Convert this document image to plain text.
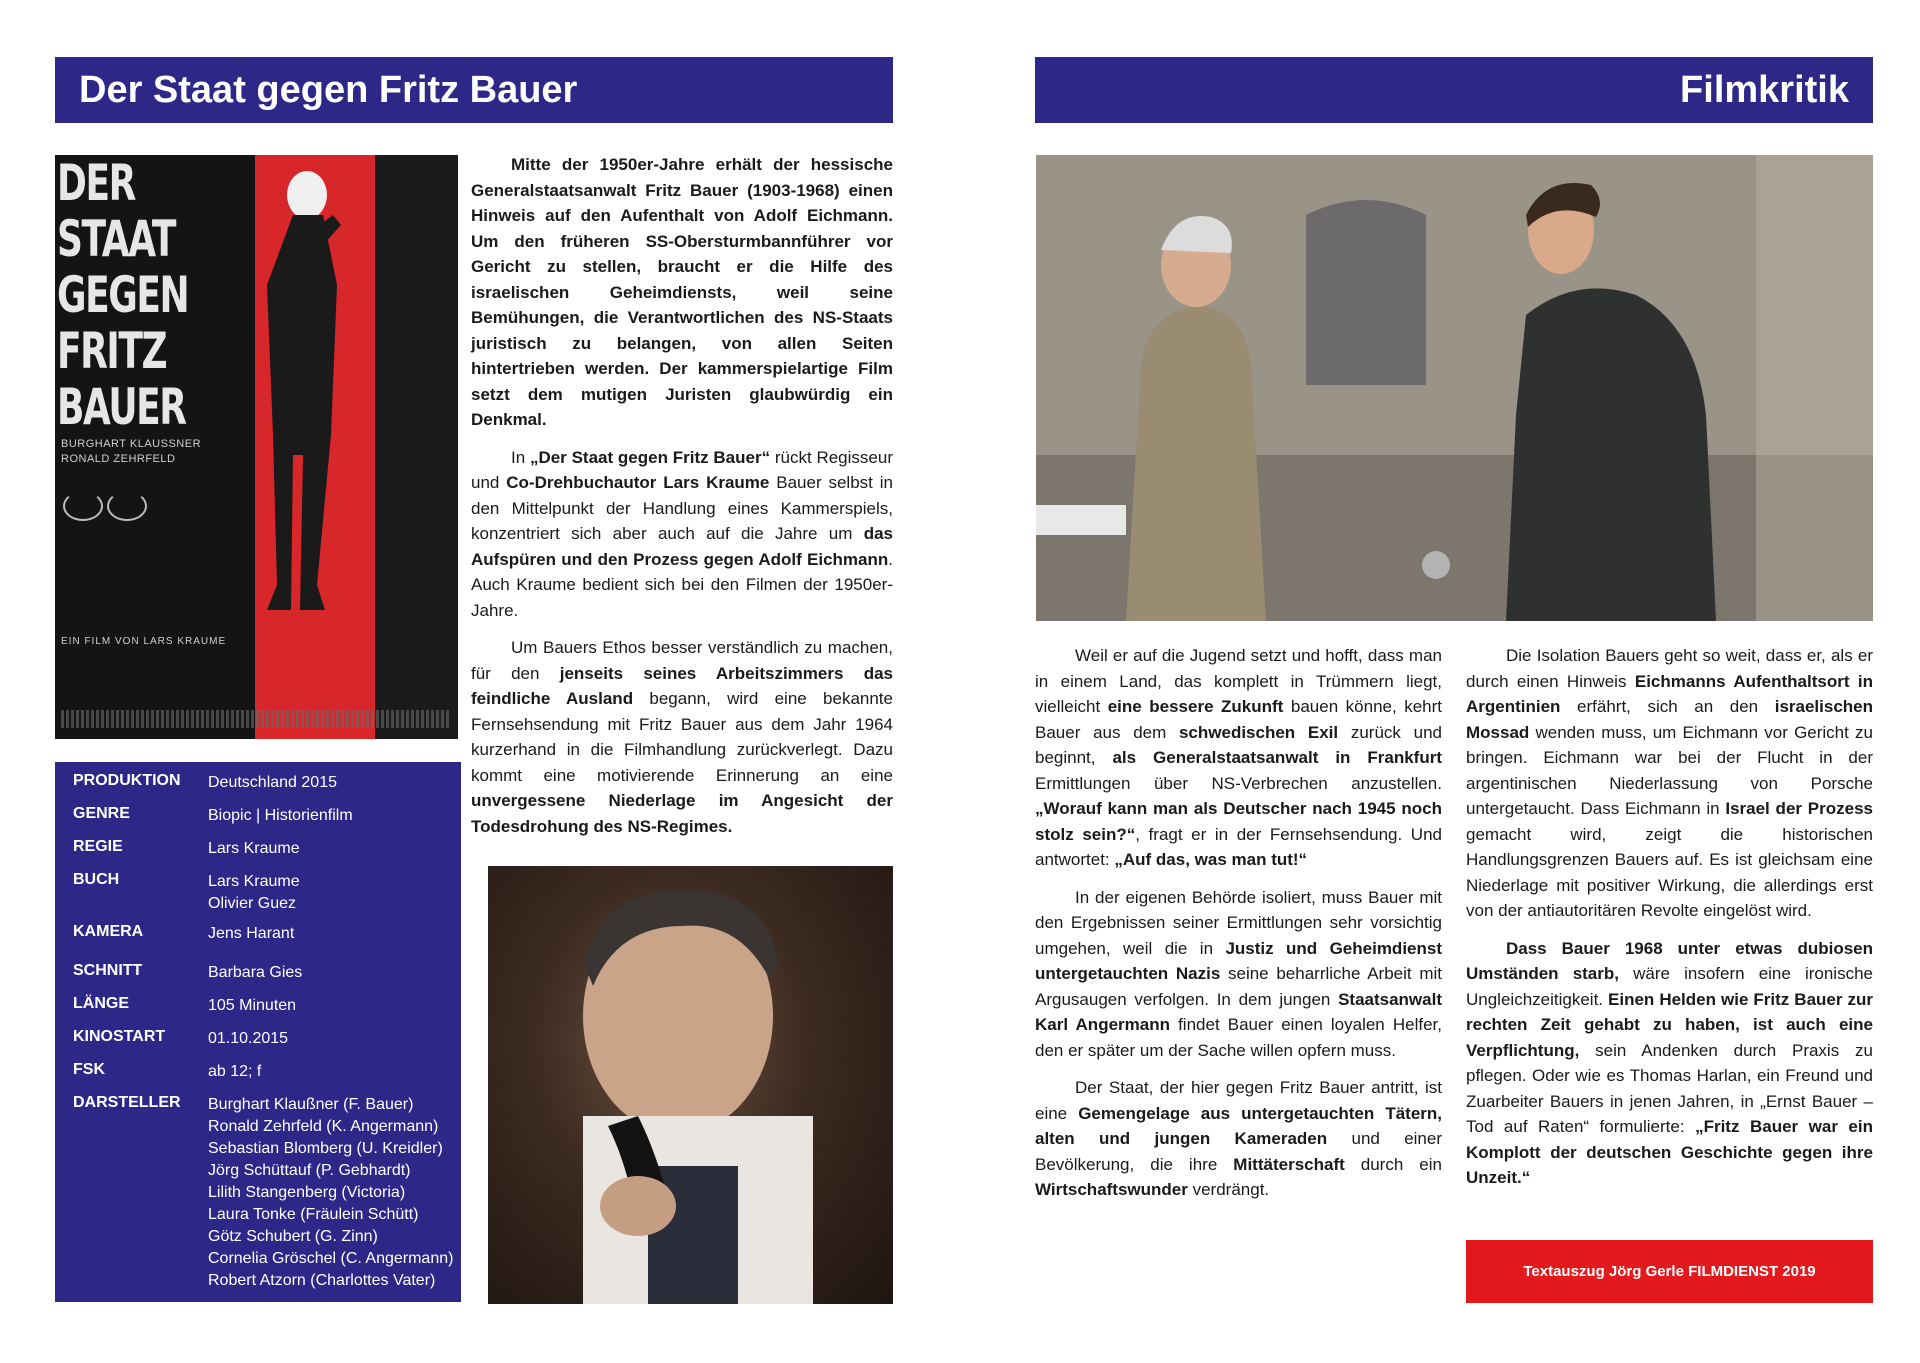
Der Staat gegen Fritz Bauer	Filmkritik
DER
STAAT
GEGEN
FRITZ
BAUER
BURGHART KLAUSSNER
RONALD ZEHRFELD
EIN FILM VON LARS KRAUME
PRODUKTION	Deutschland 2015
GENRE	Biopic | Historienfilm
REGIE	Lars Kraume
BUCH	Lars Kraume
Olivier Guez
KAMERA	Jens Harant
SCHNITT	Barbara Gies
LÄNGE	105 Minuten
KINOSTART	01.10.2015
FSK	ab 12; f
DARSTELLER	Burghart Klaußner (F. Bauer)
Ronald Zehrfeld (K. Angermann)
Sebastian Blomberg (U. Kreidler)
Jörg Schüttauf (P. Gebhardt)
Lilith Stangenberg (Victoria)
Laura Tonke (Fräulein Schütt)
Götz Schubert (G. Zinn)
Cornelia Gröschel (C. Angermann)
Robert Atzorn (Charlottes Vater)

Mitte der 1950er-Jahre erhält der hessische Generalstaatsanwalt Fritz Bauer (1903-1968) einen Hinweis auf den Aufenthalt von Adolf Eichmann. Um den früheren SS-Obersturmbannführer vor Gericht zu stellen, braucht er die Hilfe des israelischen Geheimdiensts, weil seine Bemühungen, die Verantwortlichen des NS-Staats juristisch zu belangen, von allen Seiten hintertrieben werden. Der kammerspielartige Film setzt dem mutigen Juristen glaubwürdig ein Denkmal.

In „Der Staat gegen Fritz Bauer“ rückt Regisseur und Co-Drehbuchautor Lars Kraume Bauer selbst in den Mittelpunkt der Handlung eines Kammerspiels, konzentriert sich aber auch auf die Jahre um das Aufspüren und den Prozess gegen Adolf Eichmann. Auch Kraume bedient sich bei den Filmen der 1950er-Jahre.

Um Bauers Ethos besser verständlich zu machen, für den jenseits seines Arbeitszimmers das feindliche Ausland begann, wird eine bekannte Fernsehsendung mit Fritz Bauer aus dem Jahr 1964 kurzerhand in die Filmhandlung zurückverlegt. Dazu kommt eine motivierende Erinnerung an eine unvergessene Niederlage im Angesicht der Todesdrohung des NS-Regimes.

Weil er auf die Jugend setzt und hofft, dass man in einem Land, das komplett in Trümmern liegt, vielleicht eine bessere Zukunft bauen könne, kehrt Bauer aus dem schwedischen Exil zurück und beginnt, als Generalstaatsanwalt in Frankfurt Ermittlungen über NS-Verbrechen anzustellen. „Worauf kann man als Deutscher nach 1945 noch stolz sein?“, fragt er in der Fernsehsendung. Und antwortet: „Auf das, was man tut!“

In der eigenen Behörde isoliert, muss Bauer mit den Ergebnissen seiner Ermittlungen sehr vorsichtig umgehen, weil die in Justiz und Geheimdienst untergetauchten Nazis seine beharrliche Arbeit mit Argusaugen verfolgen. In dem jungen Staatsanwalt Karl Angermann findet Bauer einen loyalen Helfer, den er später um der Sache willen opfern muss.

Der Staat, der hier gegen Fritz Bauer antritt, ist eine Gemengelage aus untergetauchten Tätern, alten und jungen Kameraden und einer Bevölkerung, die ihre Mittäterschaft durch ein Wirtschaftswunder verdrängt.

Die Isolation Bauers geht so weit, dass er, als er durch einen Hinweis Eichmanns Aufenthaltsort in Argentinien erfährt, sich an den israelischen Mossad wenden muss, um Eichmann vor Gericht zu bringen. Eichmann war bei der Flucht in der argentinischen Niederlassung von Porsche untergetaucht. Dass Eichmann in Israel der Prozess gemacht wird, zeigt die historischen Handlungsgrenzen Bauers auf. Es ist gleichsam eine Niederlage mit positiver Wirkung, die allerdings erst von der antiautoritären Revolte eingelöst wird.

Dass Bauer 1968 unter etwas dubiosen Umständen starb, wäre insofern eine ironische Ungleichzeitigkeit. Einen Helden wie Fritz Bauer zur rechten Zeit gehabt zu haben, ist auch eine Verpflichtung, sein Andenken durch Praxis zu pflegen. Oder wie es Thomas Harlan, ein Freund und Zuarbeiter Bauers in jenen Jahren, in „Ernst Bauer – Tod auf Raten“ formulierte: „Fritz Bauer war ein Komplott der deutschen Geschichte gegen ihre Unzeit.“

Textauszug Jörg Gerle FILMDIENST 2019
